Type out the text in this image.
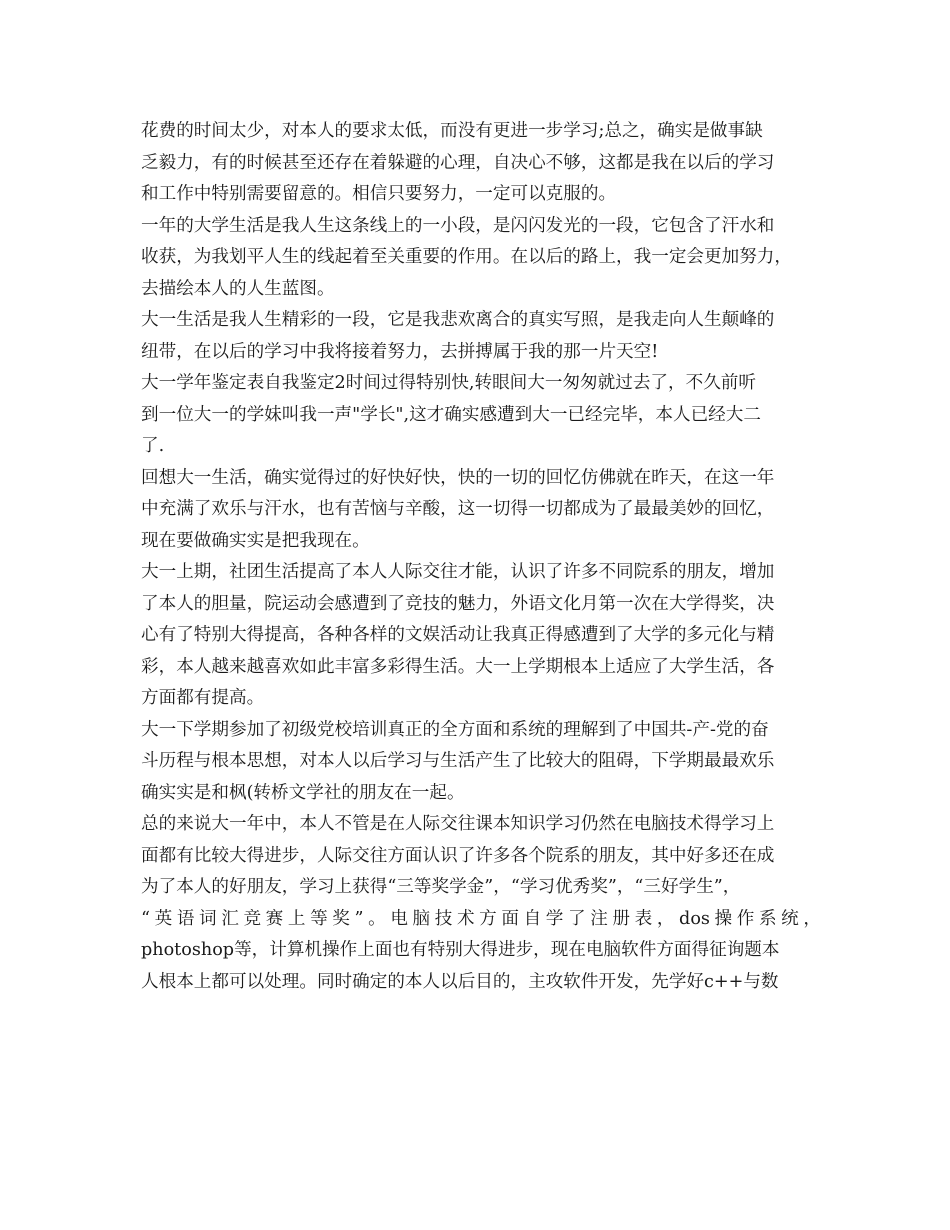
花费的时间太少，对本人的要求太低，而没有更进一步学习;总之，确实是做事缺
乏毅力，有的时候甚至还存在着躲避的心理，自决心不够，这都是我在以后的学习
和工作中特别需要留意的。相信只要努力，一定可以克服的。
一年的大学生活是我人生这条线上的一小段，是闪闪发光的一段，它包含了汗水和
收获，为我划平人生的线起着至关重要的作用。在以后的路上，我一定会更加努力，
去描绘本人的人生蓝图。
大一生活是我人生精彩的一段，它是我悲欢离合的真实写照，是我走向人生颠峰的
纽带，在以后的学习中我将接着努力，去拼搏属于我的那一片天空!
大一学年鉴定表自我鉴定2时间过得特别快,转眼间大一匆匆就过去了，不久前听
到一位大一的学妹叫我一声"学长",这才确实感遭到大一已经完毕，本人已经大二
了.
回想大一生活，确实觉得过的好快好快，快的一切的回忆仿佛就在昨天，在这一年
中充满了欢乐与汗水，也有苦恼与辛酸，这一切得一切都成为了最最美妙的回忆，
现在要做确实实是把我现在。
大一上期，社团生活提高了本人人际交往才能，认识了许多不同院系的朋友，增加
了本人的胆量，院运动会感遭到了竞技的魅力，外语文化月第一次在大学得奖，决
心有了特别大得提高，各种各样的文娱活动让我真正得感遭到了大学的多元化与精
彩，本人越来越喜欢如此丰富多彩得生活。大一上学期根本上适应了大学生活，各
方面都有提高。
大一下学期参加了初级党校培训真正的全方面和系统的理解到了中国共-产-党的奋
斗历程与根本思想，对本人以后学习与生活产生了比较大的阻碍，下学期最最欢乐
确实实是和枫(转桥文学社的朋友在一起。
总的来说大一年中，本人不管是在人际交往课本知识学习仍然在电脑技术得学习上
面都有比较大得进步，人际交往方面认识了许多各个院系的朋友，其中好多还在成
为了本人的好朋友，学习上获得“三等奖学金”，“学习优秀奖”，“三好学生”，
“英语词汇竞赛上等奖”。电脑技术方面自学了注册表，dos操作系统，
photoshop等，计算机操作上面也有特别大得进步，现在电脑软件方面得征询题本
人根本上都可以处理。同时确定的本人以后目的，主攻软件开发，先学好c++与数
